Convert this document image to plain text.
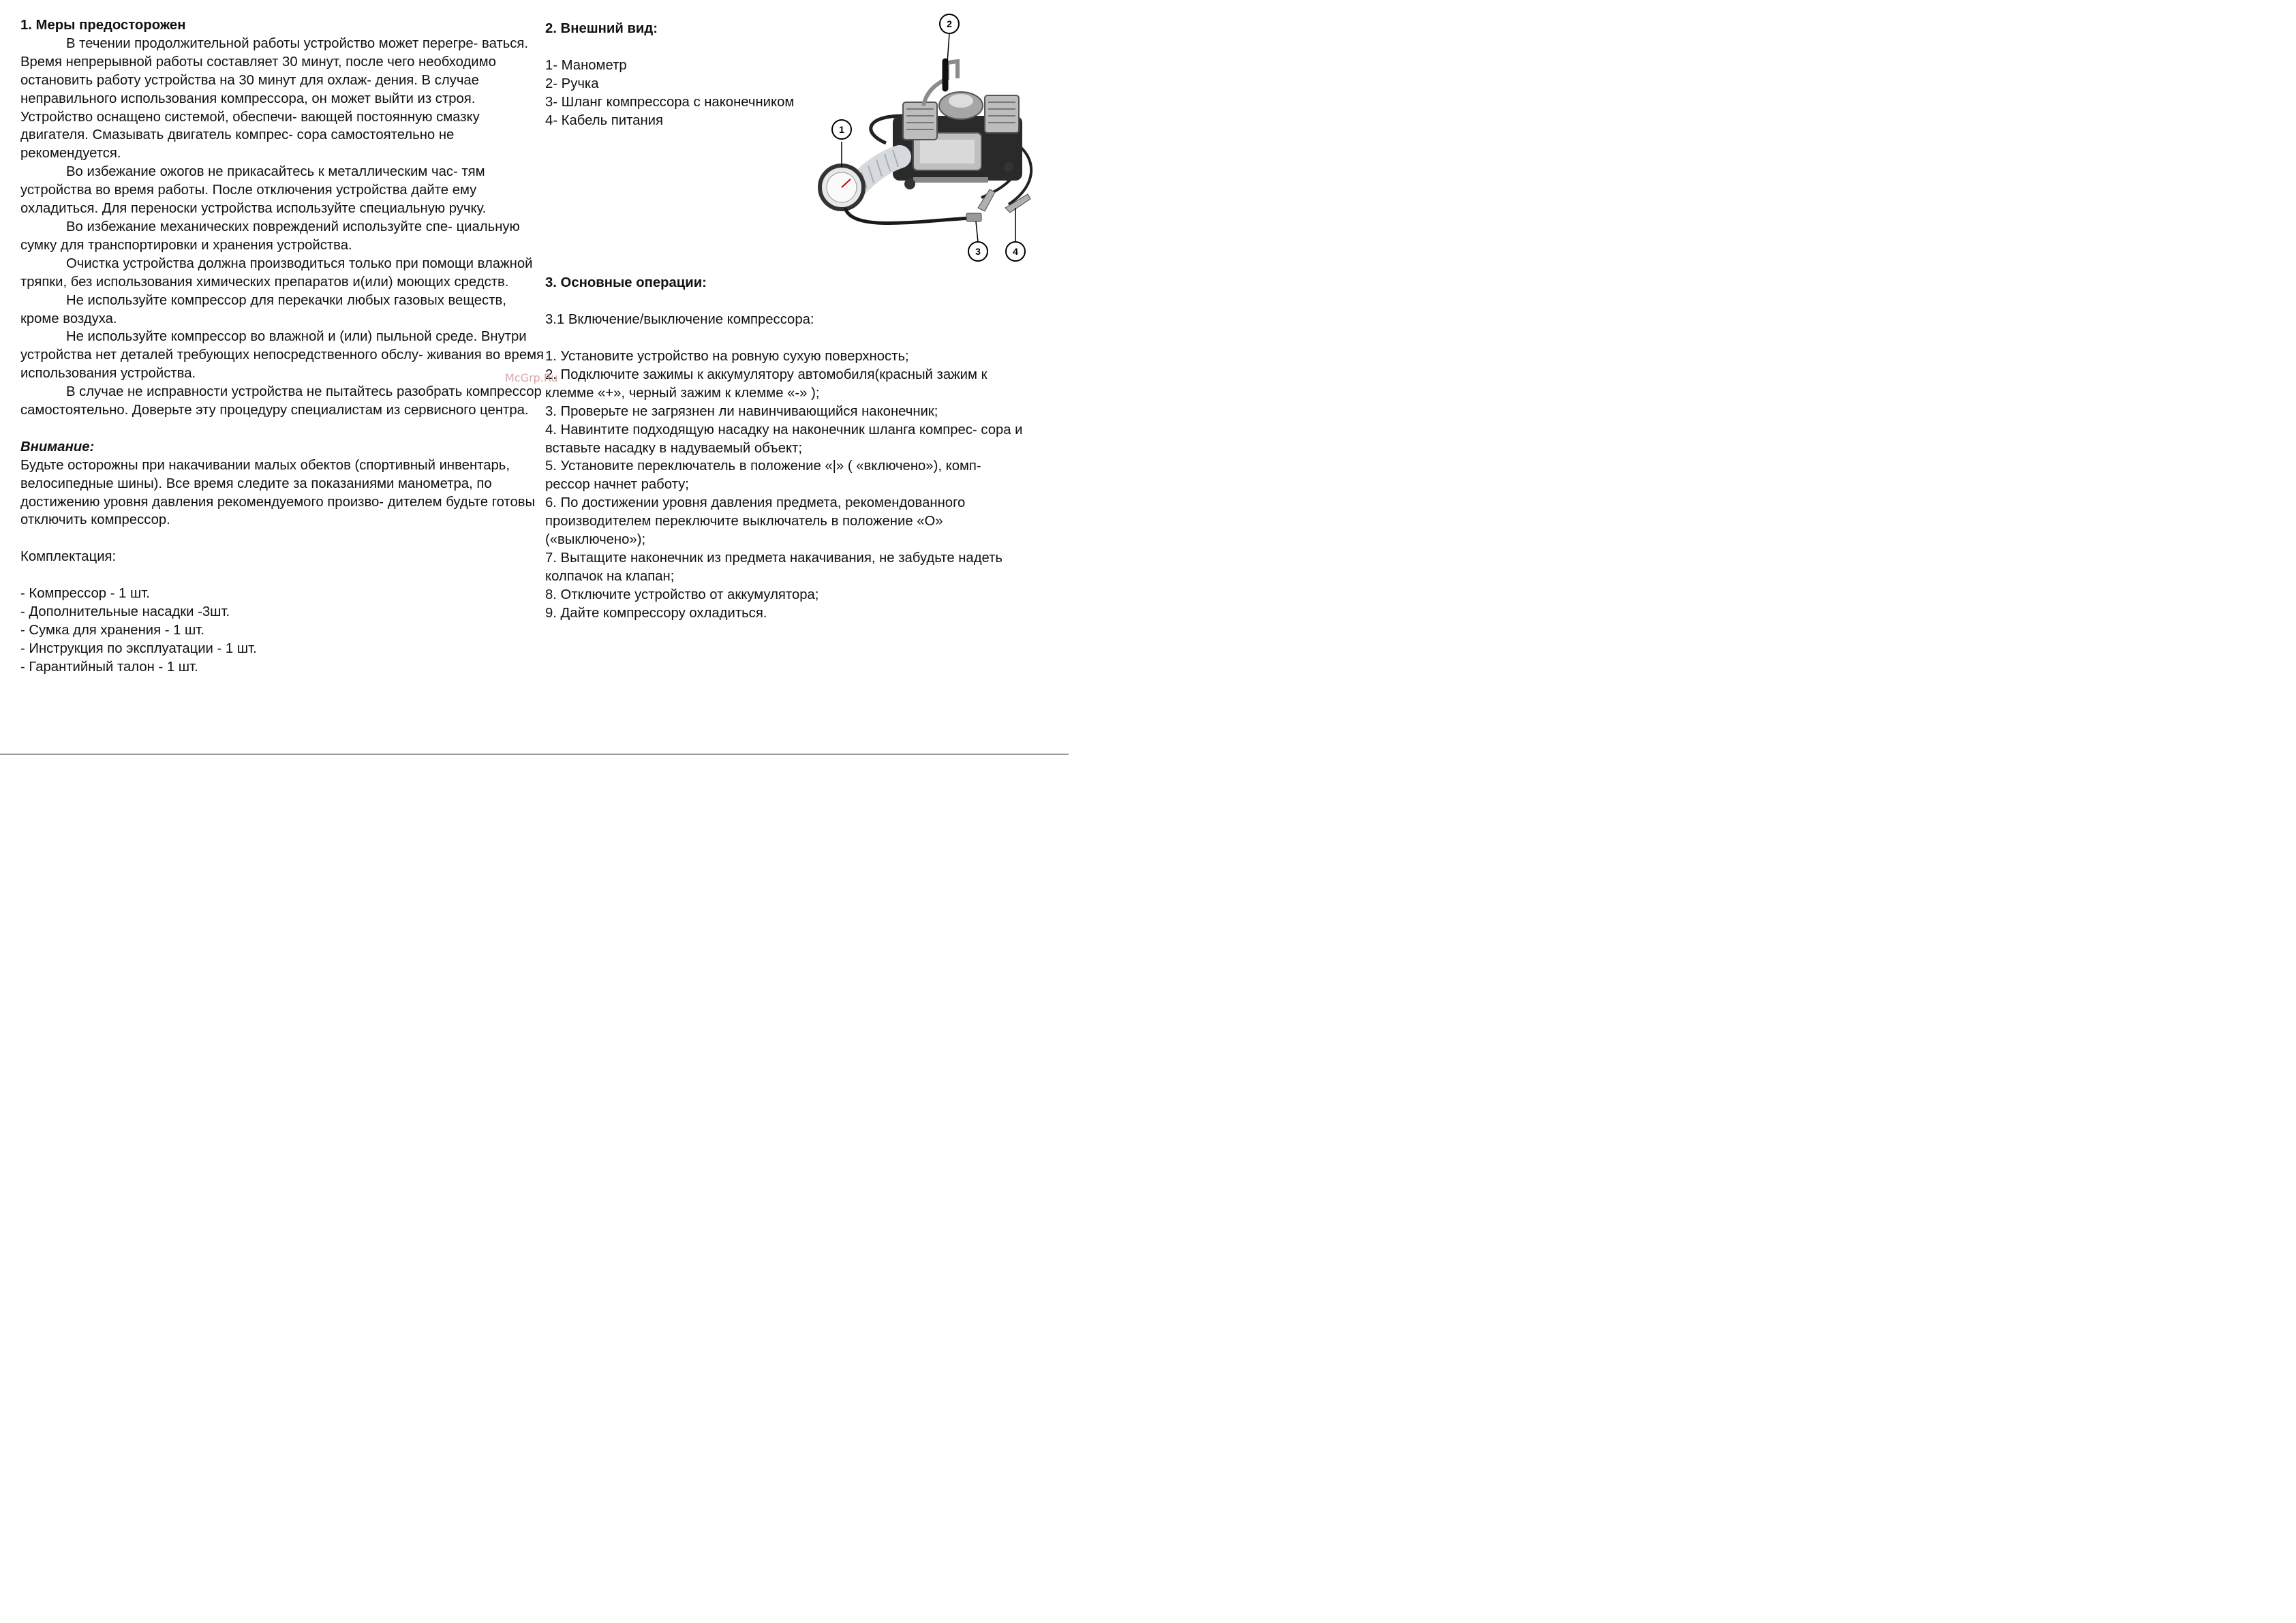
1. Меры предосторожен

В течении продолжительной работы устройство может перегре- ваться. Время непрерывной работы составляет 30 минут, после чего необходимо остановить работу устройства на 30 минут для охлаж- дения. В случае неправильного использования компрессора, он может выйти из строя. Устройство оснащено системой, обеспечи- вающей постоянную смазку двигателя. Смазывать двигатель компрес- сора самостоятельно не рекомендуется.

Во избежание ожогов не прикасайтесь к металлическим час- тям устройства во время работы. После отключения устройства дайте ему охладиться. Для переноски устройства используйте специальную ручку.

Во избежание механических повреждений используйте спе- циальную сумку для транспортировки и хранения устройства.

Очистка устройства должна производиться только при помощи влажной тряпки, без использования химических препаратов и(или) моющих средств.

Не используйте компрессор для перекачки любых газовых веществ, кроме воздуха.

Не используйте компрессор во влажной и (или) пыльной среде. Внутри устройства нет деталей требующих непосредственного обслу- живания во время использования устройства.

В случае не исправности устройства не пытайтесь разобрать компрессор самостоятельно. Доверьте эту процедуру специалистам из сервисного центра.

Внимание:

Будьте осторожны при накачивании малых обектов (спортивный инвентарь, велосипедные шины). Все время следите за показаниями манометра, по достижению уровня давления рекомендуемого произво- дителем будьте готовы отключить компрессор.

Комплектация:

- Компрессор - 1 шт.
- Дополнительные насадки -3шт.
- Сумка для хранения - 1 шт.
- Инструкция по эксплуатации - 1 шт.
- Гарантийный талон - 1 шт.

2. Внешний вид:

1- Манометр
2- Ручка
3- Шланг компрессора с наконечником
4- Кабель питания

3. Основные операции:

3.1 Включение/выключение компрессора:

1. Установите устройство на ровную сухую поверхность;
2. Подключите зажимы к аккумулятору автомобиля(красный зажим к клемме «+», черный зажим к клемме «-» );
3. Проверьте не загрязнен ли навинчивающийся наконечник;
4. Навинтите подходящую насадку на наконечник шланга компрес- сора и вставьте насадку в надуваемый объект;
5. Установите переключатель в положение «|» ( «включено»), комп- рессор начнет работу;
6. По достижении уровня давления предмета, рекомендованного производителем переключите выключатель в положение «О» («выключено»);
7. Вытащите наконечник из предмета накачивания, не забудьте надеть колпачок на клапан;
8. Отключите устройство от аккумулятора;
9. Дайте компрессору охладиться.
1
2
3	4
McGrp.Ru
